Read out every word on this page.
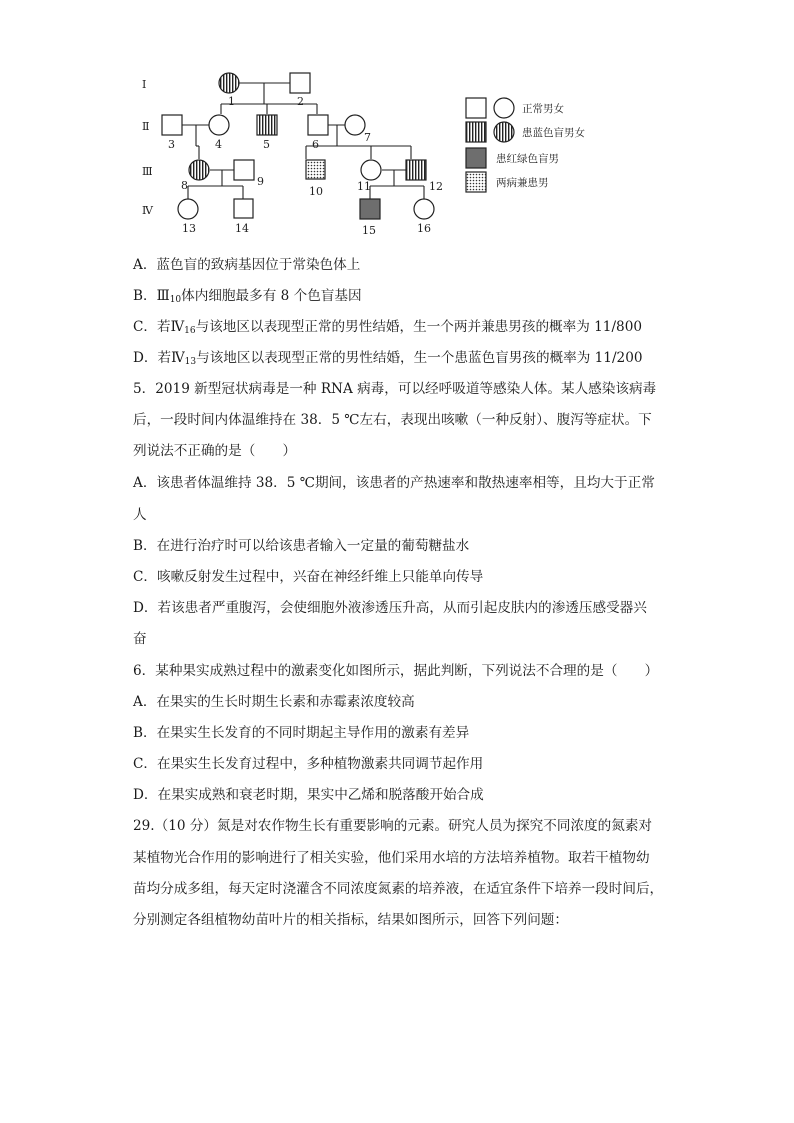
Ⅰ
Ⅱ
Ⅲ
Ⅳ
1	2
3	4	5	6
7
8	9
10	11	12
13	14	15	16
正常男女
患蓝色盲男女
患红绿色盲男
两病兼患男
A．蓝色盲的致病基因位于常染色体上
B．$Ⅲ_{10}$体内细胞最多有 8 个色盲基因
C．若$Ⅳ_{16}$与该地区以表现型正常的男性结婚，生一个两并兼患男孩的概率为 11/800
D．若$Ⅳ_{13}$与该地区以表现型正常的男性结婚，生一个患蓝色盲男孩的概率为 11/200
5．2019 新型冠状病毒是一种 RNA 病毒，可以经呼吸道等感染人体。某人感染该病毒
后，一段时间内体温维持在 38．5 ℃左右，表现出咳嗽（一种反射）、腹泻等症状。下
列说法不正确的是（　　）
A．该患者体温维持 38．5 ℃期间，该患者的产热速率和散热速率相等，且均大于正常
人
B．在进行治疗时可以给该患者输入一定量的葡萄糖盐水
C．咳嗽反射发生过程中，兴奋在神经纤维上只能单向传导
D．若该患者严重腹泻，会使细胞外液渗透压升高，从而引起皮肤内的渗透压感受器兴
奋
6．某种果实成熟过程中的激素变化如图所示，据此判断，下列说法不合理的是（　　）
A．在果实的生长时期生长素和赤霉素浓度较高
B．在果实生长发育的不同时期起主导作用的激素有差异
C．在果实生长发育过程中，多种植物激素共同调节起作用
D．在果实成熟和衰老时期，果实中乙烯和脱落酸开始合成
29.（10 分）氮是对农作物生长有重要影响的元素。研究人员为探究不同浓度的氮素对
某植物光合作用的影响进行了相关实验，他们采用水培的方法培养植物。取若干植物幼
苗均分成多组，每天定时浇灌含不同浓度氮素的培养液，在适宜条件下培养一段时间后，
分别测定各组植物幼苗叶片的相关指标，结果如图所示，回答下列问题：
